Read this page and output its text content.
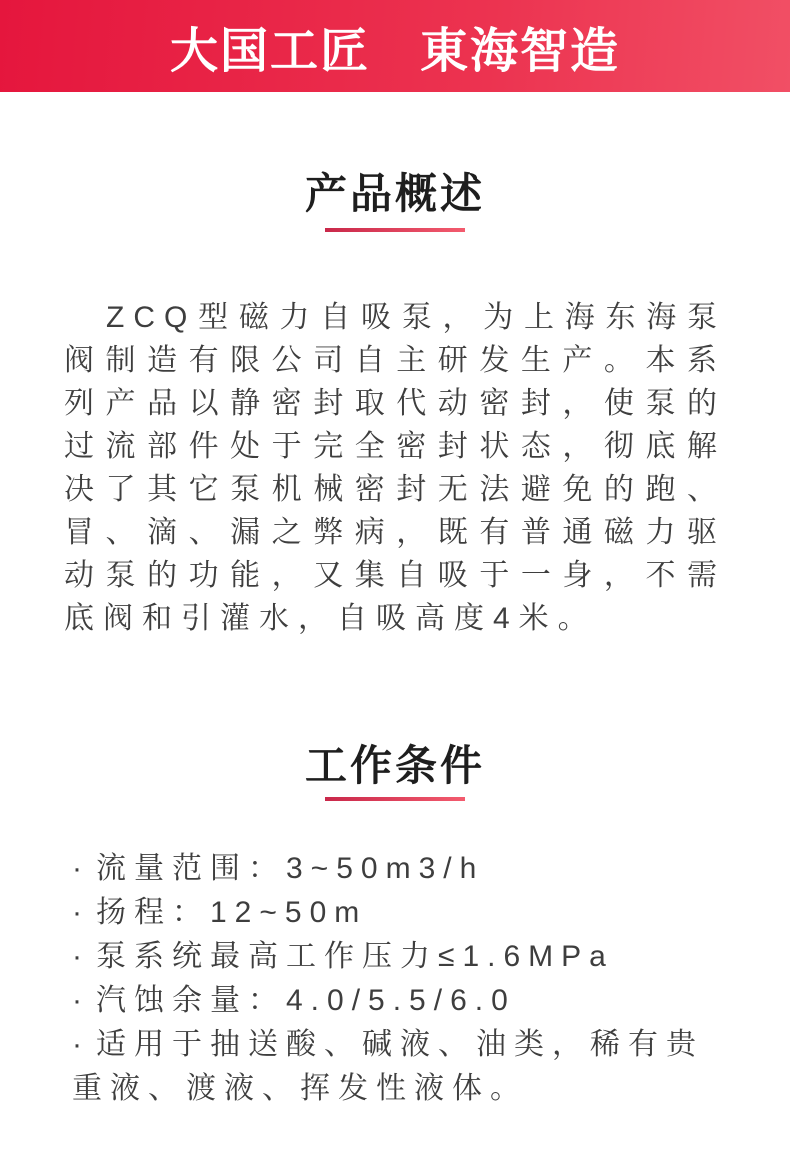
大国工匠　東海智造
产品概述

ZCQ型磁力自吸泵，为上海东海泵阀制造有限公司自主研发生产。本系列产品以静密封取代动密封，使泵的过流部件处于完全密封状态，彻底解决了其它泵机械密封无法避免的跑、冒、滴、漏之弊病，既有普通磁力驱动泵的功能，又集自吸于一身，不需底阀和引灌水，自吸高度4米。

工作条件
· 流量范围：3~50m3/h
· 扬程：12~50m
· 泵系统最高工作压力≤1.6MPa
· 汽蚀余量：4.0/5.5/6.0
· 适用于抽送酸、碱液、油类，稀有贵重液、渡液、挥发性液体。
